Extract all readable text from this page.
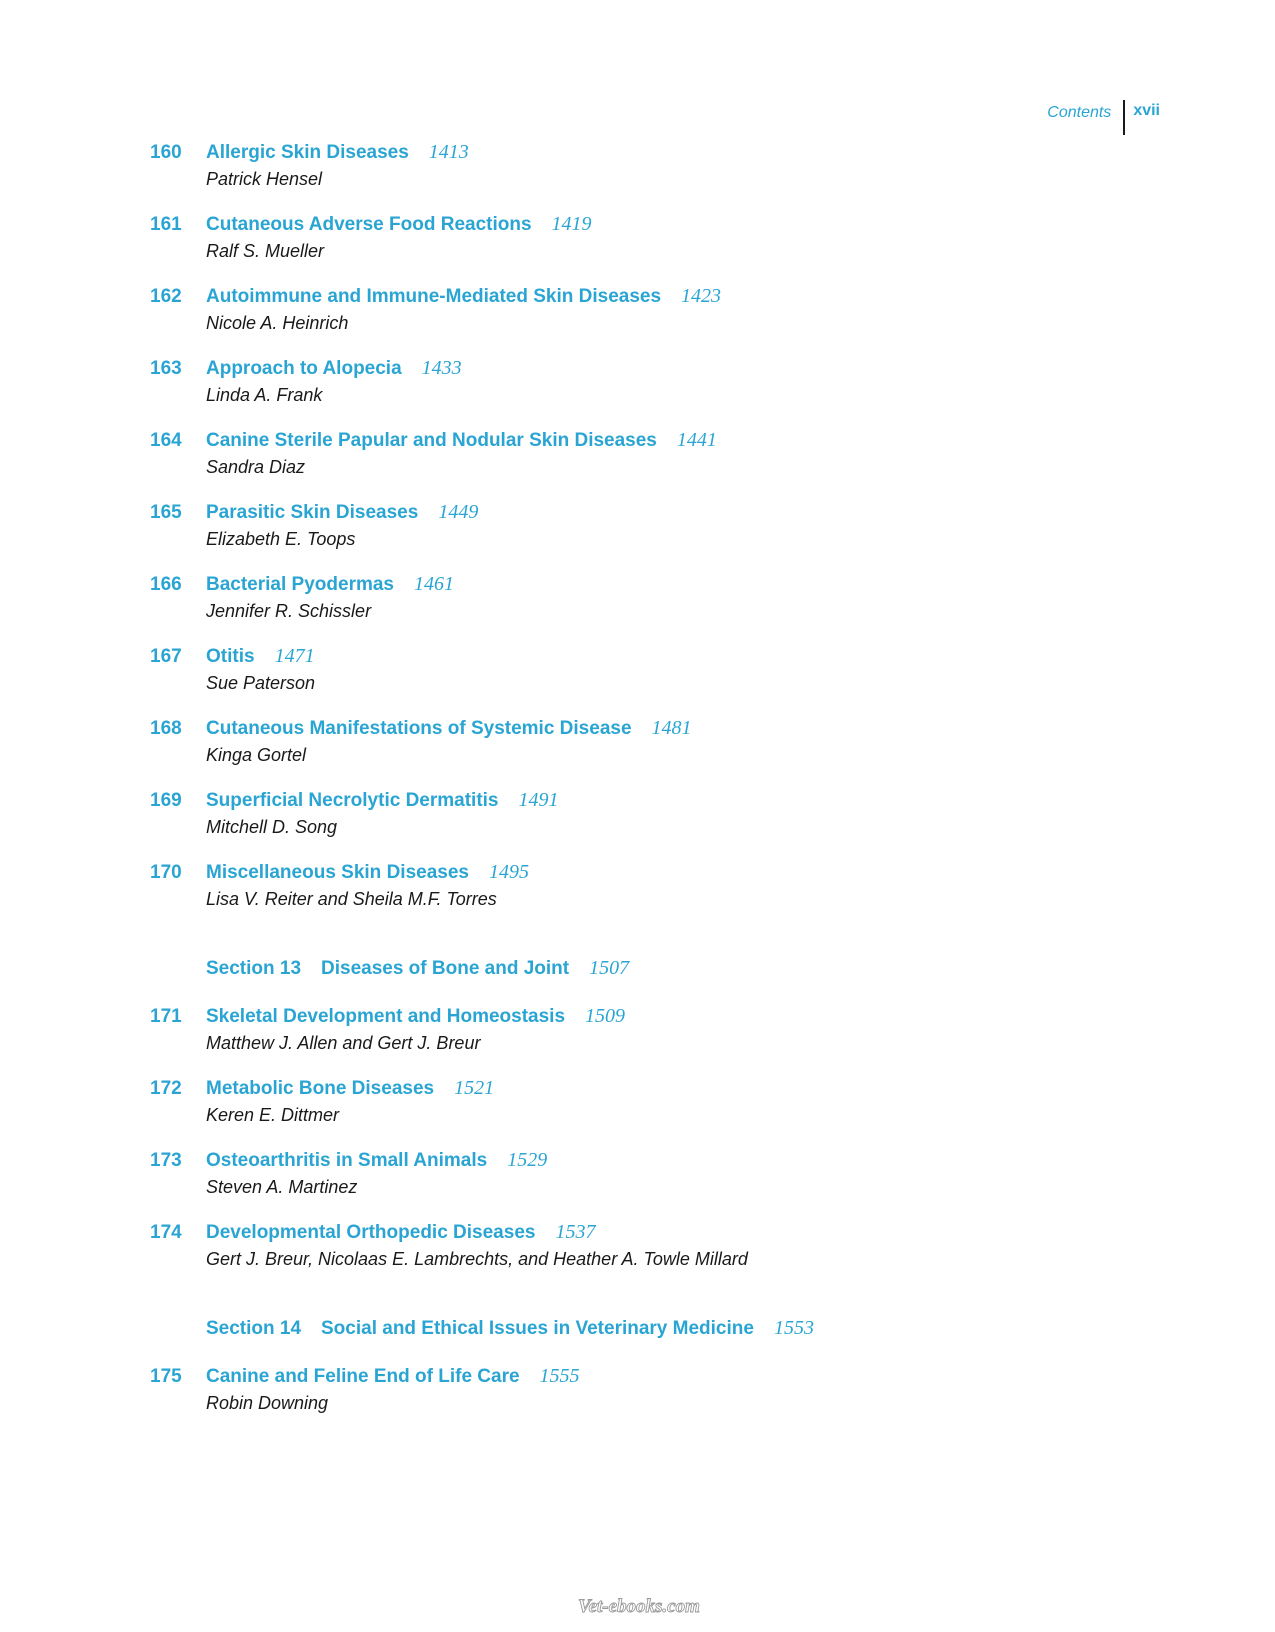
Contents	xvii
160	Allergic Skin Diseases 1413
Patrick Hensel
161	Cutaneous Adverse Food Reactions 1419
Ralf S. Mueller
162	Autoimmune and Immune-Mediated Skin Diseases 1423
Nicole A. Heinrich
163	Approach to Alopecia 1433
Linda A. Frank
164	Canine Sterile Papular and Nodular Skin Diseases 1441
Sandra Diaz
165	Parasitic Skin Diseases 1449
Elizabeth E. Toops
166	Bacterial Pyodermas 1461
Jennifer R. Schissler
167	Otitis 1471
Sue Paterson
168	Cutaneous Manifestations of Systemic Disease 1481
Kinga Gortel
169	Superficial Necrolytic Dermatitis 1491
Mitchell D. Song
170	Miscellaneous Skin Diseases 1495
Lisa V. Reiter and Sheila M.F. Torres
Section 13	Diseases of Bone and Joint 1507
171	Skeletal Development and Homeostasis 1509
Matthew J. Allen and Gert J. Breur
172	Metabolic Bone Diseases 1521
Keren E. Dittmer
173	Osteoarthritis in Small Animals 1529
Steven A. Martinez
174	Developmental Orthopedic Diseases 1537
Gert J. Breur, Nicolaas E. Lambrechts, and Heather A. Towle Millard
Section 14	Social and Ethical Issues in Veterinary Medicine 1553
175	Canine and Feline End of Life Care 1555
Robin Downing
Vet-ebooks.com
